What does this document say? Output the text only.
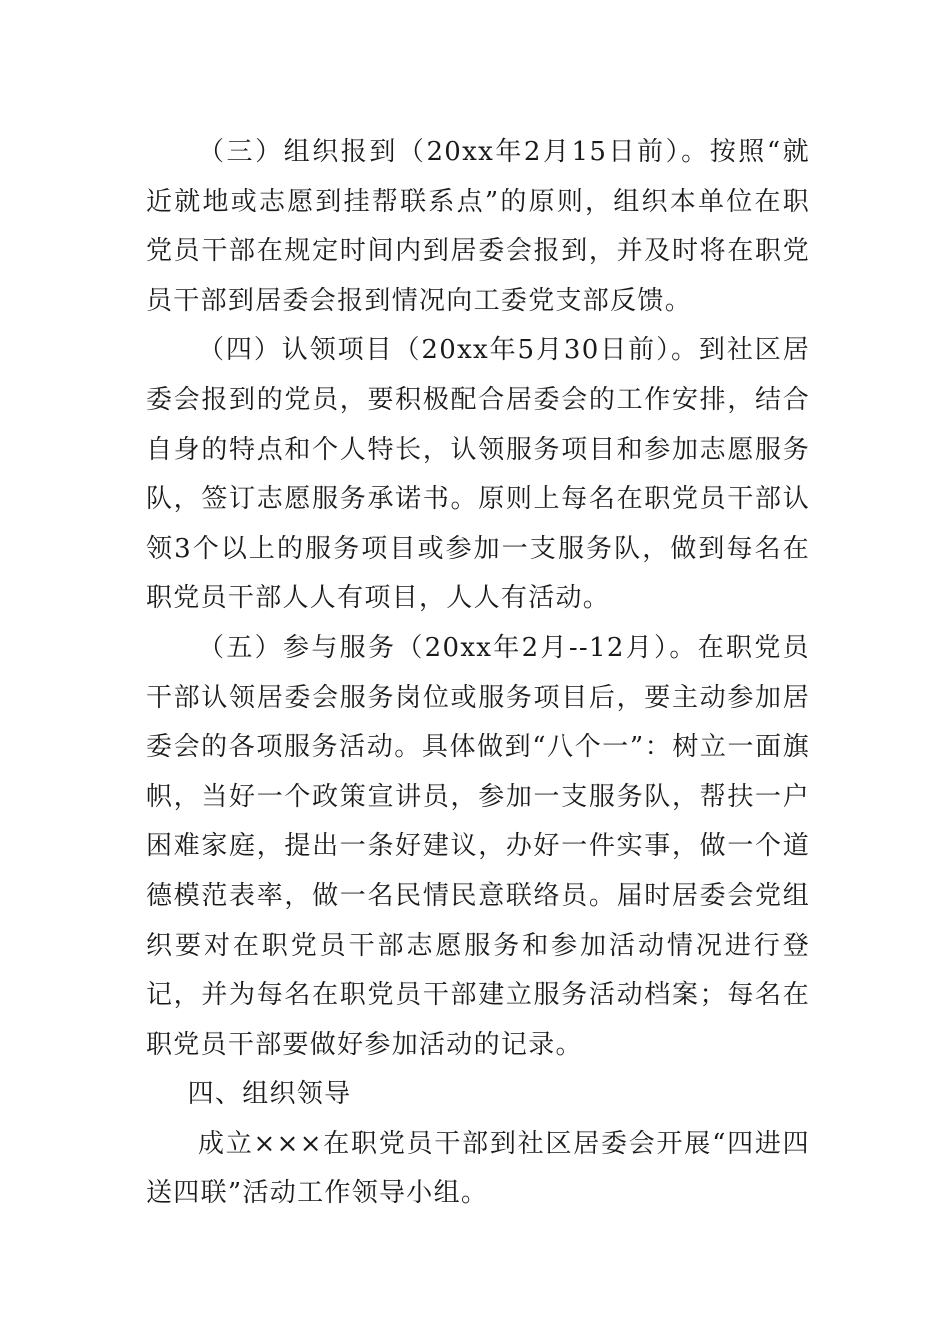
（三）组织报到（20xx年2月15日前）。按照“就近就地或志愿到挂帮联系点”的原则，组织本单位在职党员干部在规定时间内到居委会报到，并及时将在职党员干部到居委会报到情况向工委党支部反馈。

（四）认领项目（20xx年5月30日前）。到社区居委会报到的党员，要积极配合居委会的工作安排，结合自身的特点和个人特长，认领服务项目和参加志愿服务队，签订志愿服务承诺书。原则上每名在职党员干部认领3个以上的服务项目或参加一支服务队，做到每名在职党员干部人人有项目，人人有活动。

（五）参与服务（20xx年2月--12月）。在职党员干部认领居委会服务岗位或服务项目后，要主动参加居委会的各项服务活动。具体做到“八个一”：树立一面旗帜，当好一个政策宣讲员，参加一支服务队，帮扶一户困难家庭，提出一条好建议，办好一件实事，做一个道德模范表率，做一名民情民意联络员。届时居委会党组织要对在职党员干部志愿服务和参加活动情况进行登记，并为每名在职党员干部建立服务活动档案；每名在职党员干部要做好参加活动的记录。

四、组织领导

成立×××在职党员干部到社区居委会开展“四进四送四联”活动工作领导小组。
